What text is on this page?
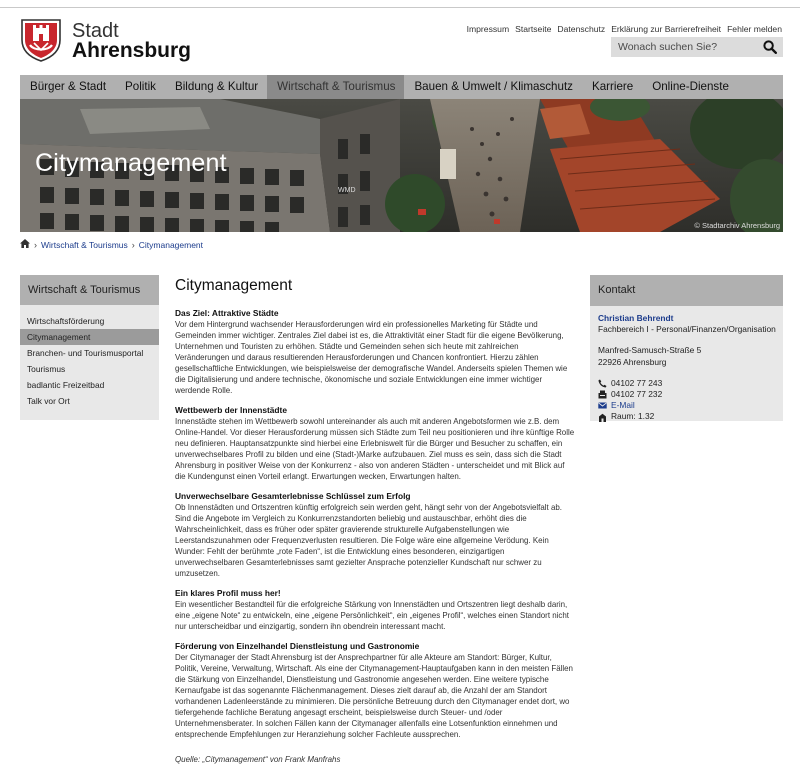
Stadt
Ahrensburg
Impressum Startseite Datenschutz Erklärung zur Barrierefreiheit Fehler melden
Wonach suchen Sie?
Bürger & Stadt	Politik	Bildung & Kultur	Wirtschaft & Tourismus	Bauen & Umwelt / Klimaschutz	Karriere	Online-Dienste
WMD
Citymanagement
© Stadtarchiv Ahrensburg
› Wirtschaft & Tourismus › Citymanagement
Wirtschaft & Tourismus
Wirtschaftsförderung
Citymanagement
Branchen- und Tourismusportal
Tourismus
badlantic Freizeitbad
Talk vor Ort
Citymanagement
Das Ziel: Attraktive Städte

Vor dem Hintergrund wachsender Herausforderungen wird ein professionelles Marketing für Städte und Gemeinden immer wichtiger. Zentrales Ziel dabei ist es, die Attraktivität einer Stadt für die eigene Bevölkerung, Unternehmen und Touristen zu erhöhen. Städte und Gemeinden sehen sich heute mit zahlreichen Veränderungen und daraus resultierenden Herausforderungen und Chancen konfrontiert. Hierzu zählen gesellschaftliche Entwicklungen, wie beispielsweise der demografische Wandel. Anderseits spielen Themen wie die Digitalisierung und andere technische, ökonomische und soziale Entwicklungen eine immer wichtiger werdende Rolle.

Wettbewerb der Innenstädte

Innenstädte stehen im Wettbewerb sowohl untereinander als auch mit anderen Angebotsformen wie z.B. dem Online-Handel. Vor dieser Herausforderung müssen sich Städte zum Teil neu positionieren und ihre künftige Rolle neu definieren. Hauptansatzpunkte sind hierbei eine Erlebniswelt für die Bürger und Besucher zu schaffen, ein unverwechselbares Profil zu bilden und eine (Stadt-)Marke aufzubauen. Ziel muss es sein, dass sich die Stadt Ahrensburg in positiver Weise von der Konkurrenz - also von anderen Städten - unterscheidet und mit Blick auf die Kundengunst einen Vorteil erlangt. Erwartungen wecken, Erwartungen halten.

Unverwechselbare Gesamterlebnisse Schlüssel zum Erfolg

Ob Innenstädten und Ortszentren künftig erfolgreich sein werden geht, hängt sehr von der Angebotsvielfalt ab. Sind die Angebote im Vergleich zu Konkurrenzstandorten beliebig und austauschbar, erhöht dies die Wahrscheinlichkeit, dass es früher oder später gravierende strukturelle Aufgabenstellungen wie Leerstandszunahmen oder Frequenzverlusten resultieren. Die Folge wäre eine allgemeine Verödung. Kein Wunder: Fehlt der berühmte „rote Faden“, ist die Entwicklung eines besonderen, einzigartigen unverwechselbaren Gesamterlebnisses samt gezielter Ansprache potenzieller Kundschaft nur schwer zu umzusetzen.

Ein klares Profil muss her!

Ein wesentlicher Bestandteil für die erfolgreiche Stärkung von Innenstädten und Ortszentren liegt deshalb darin, eine „eigene Note“ zu entwickeln, eine „eigene Persönlichkeit“, ein „eigenes Profil“, welches einen Standort nicht nur unterscheidbar und einzigartig, sondern ihn obendrein interessant macht.

Förderung von Einzelhandel Dienstleistung und Gastronomie

Der Citymanager der Stadt Ahrensburg ist der Ansprechpartner für alle Akteure am Standort: Bürger, Kultur, Politik, Vereine, Verwaltung, Wirtschaft. Als eine der Citymanagement-Hauptaufgaben kann in den meisten Fällen die Stärkung von Einzelhandel, Dienstleistung und Gastronomie angesehen werden. Eine weitere typische Kernaufgabe ist das sogenannte Flächenmanagement. Dieses zielt darauf ab, die Anzahl der am Standort vorhandenen Ladenleerstände zu minimieren. Die persönliche Betreuung durch den Citymanager endet dort, wo tiefergehende fachliche Beratung angesagt erscheint, beispielsweise durch Steuer- und /oder Unternehmensberater. In solchen Fällen kann der Citymanager allenfalls eine Lotsenfunktion einnehmen und entsprechende Empfehlungen zur Heranziehung solcher Fachleute aussprechen.

Quelle: „Citymanagement“ von Frank Manfrahs

Kontakt
Christian Behrendt
Fachbereich I - Personal/Finanzen/Organisation
Manfred-Samusch-Straße 5
22926 Ahrensburg
04102 77 243
04102 77 232
E-Mail
Raum: 1.32
